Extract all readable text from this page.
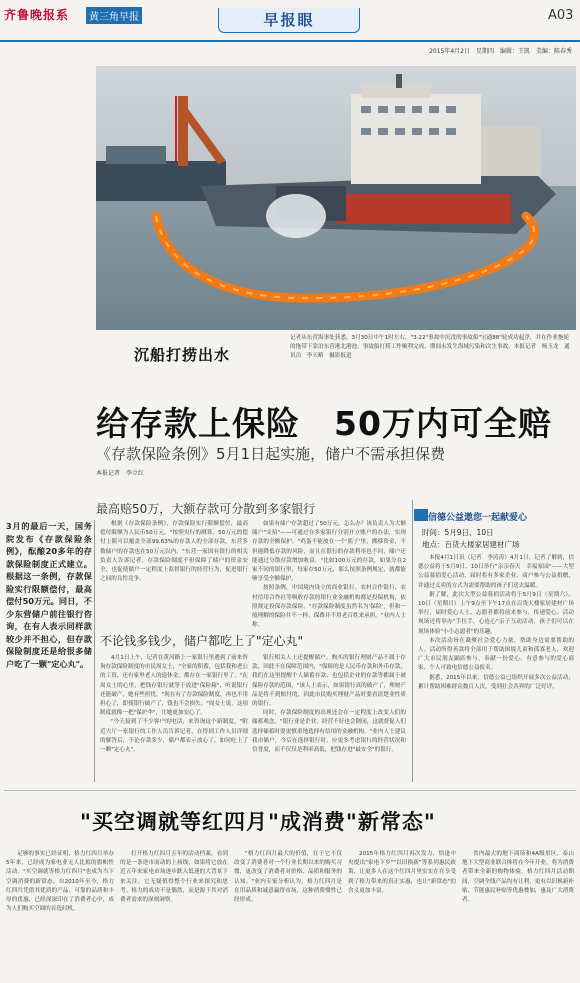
齐鲁晚报系	黄三角早报	早报眼	A03
2015年4月2日　星期四　编辑：王凯　美编：陈春秀
沉船打捞出水
记者从东营海事处获悉，3月30日中午1时左右，"3·22"事故中沉没的事故船"宝通88"轮成功起浮，并在作业拖轮的拖带下靠泊东营港北港池。事故船打捞工作顺利完成，期间未发生海域污染和次生事故。本报记者　杨玉龙　通讯员　李天略　摄影报道
给存款上保险　50万内可全赔
《存款保险条例》5月1日起实施，储户不需承担保费
本报记者　李立红
3月的最后一天，国务院发布《存款保险条例》，酝酿20多年的存款保险制度正式建立。根据这一条例，存款保险实行限额偿付，最高偿付50万元。同日，不少东营储户前往银行咨询，在有人表示同样款较少并不担心，但存款保险制度还是给很多储户吃了一颗"定心丸"。
最高赔50万，大额存款可分散到多家银行
根据《存款保险条例》，存款保险实行限额偿付，最高偿付限额为人民币50万元。"按照央行的测算，50万元的偿付上限可以覆盖全部99.63%的存款人的全部存款，东营多数储户的存款也在50万元以内。"东营一家国有银行的相关负责人告诉记者，存款保险制度不但保障了储户的资金安全，也促使储户一定程度上监督银行的经营行为，促进银行之间的良性竞争。
如果有储户存款超过了50万元，怎么办？该负责人为大额储户"支招"——可通过在多家银行分别开立账户的办法，实现存款的全额保护。"鸡蛋不能放在一个'篮子'里，搬移资金，不但能降低存款的风险，而且在银行的存款利率也不同，储户还能通过分散存款增加收益。"比如100万元的存款，如果分在2家不同的银行里，每家存50万元，那么按照条例规定，就都能够享受全额保护。
按照条例，中国境内设立的商业银行、农村合作银行、农村信用合作社等吸收存款的银行业金融机构都是投保机构，依照规定投保存款保险。"存款保险制度虽然名为'保险'，但和一般理解的保险并不一样，保费并不用老百姓来承担。"业内人士称。
不论钱多钱少，储户都吃上了"定心丸"
4月1日上午，记者在黄河路上一家银行里遇到了前来咨询存款保险制度的市民周女士，"全家的积蓄，包括我和老公的工资，还有家里老人的退休金，都存在一家银行里了，"在周女士的心里，把钱存银行就等于放进"保险箱"，听说银行还能破产，她有些担忧。"现在有了存款保险制度，再也不用担心了，即使银行破产了，钱也不会损失。"周女士说，这项制度就像一把"保护伞"，让她更加安心了。
"今天接到了不少客户的电话，来咨询这个新制度。"附近大厅一家银行的工作人员告诉记者，在得到工作人员详细的解答后，不论存款多少，储户都表示放心了。如同吃上了一颗"定心丸"。
银行相关人士还提醒储户，购买的银行理财产品不属于存款，因此不在保障范围内，"保障的是人民币存款和外币存款，我们在这里提醒个人储蓄存款、也包括企业的存款等都属于被保险存款的范围，"该人士表示，如果银行真的破产了，理财产品是将不到赔付的，因此市民购买理财产品时要看清楚业性质的银行。
同时，存款保险制度的出现还会在一定程度上改变人们的储蓄观念。"银行业是企业，经营不好也会倒闭，这就督促人们选择储蓄时要更慎重地选择有信用的金融机构。"业内人士建议我市储户，今后在选择银行时，应更多考虑银行的经营状况和信誉度，而不仅仅是利率高低，把钱存进"最安全"的银行。
信德公益遨您一起献爱心
时间：5月9日、10日
地点：百货大楼家居建材广场
本报4月1日讯（记者　李涛涛）4月1日，记者了解到，信德公益将于5月9日、10日举行"亲亲春天　幸福家园"——大型公益募捐爱心活动，届时将有多家企业、商户参与公益捐赠，并通过义卖的方式为需要帮助的孩子们送去温暖。
据了解，此次大型公益募捐活动将于5月9日（星期六）、10日（星期日）上午9点至下午17点在百货大楼家居建材广场举行，届时爱心人士、志愿者都将前来参与，传递爱心。活动现场还将举办"手拉手、心连心"亲子互动活动，孩子们可以在现场体验"小小志愿者"的乐趣。
本次活动旨在凝聚社会爱心力量，帮助身边需要帮助的人。活动所得善款将全部用于帮助困境儿童和孤寡老人，欢迎广大市民朋友踊跃参与，奉献一份爱心。有意参与的爱心商家、个人可致电信德公益报名。
据悉，2015年以来，信德公益已组织开展多次公益活动，累计帮助困难群众数百人次，受到社会各界的广泛好评。
"买空调就等红四月"成消费"新常态"
足够的事实已经证明，格力红四月举办5年来，已经成为家电业无人比拟的旗帜性活动。"买空调就等格力红四月"也成为当下空调消费的新常态。自2010年至今，格力红四月凭借其优质的产品、可靠的品质和丰厚的优惠，已经深深印在了消费者心中，成为人们购买空调的首选时机。
打开格力红四月五年的活动档案，看到的是一条逆市而动的上扬线，如果将它放在近五年来家电市场逐步跌入低迷的大背景下来关注，它无疑值得整个行业来探究和思考。格力的成功不是偶然，而是源于其对消费者需求的深刻洞察。
"格力红四月最大的价值，在于它不仅改变了消费者对一个行业长期以来的购买习惯，更改变了消费者对价格、品质和服务的认知。"业内专家分析认为，格力红四月是在用品质和诚意赢得市场，这种消费惯性已经形成。
2015年格力红四月再次发力，恰逢中央提出"家电下乡""以旧换新"等系列惠民政策，让更多人在这个红四月里实实在在享受到了格力带来的真正实惠，也让"新常态"的含义更加丰富。
省内最大的地下商场和4A级景区，泰山地下大型商业联合体将在今年开业，将为消费者带来全新的购物体验。格力红四月活动期间，空调全线产品均有让利，更有以旧换新补贴、节能惠民补贴等优惠叠加，惠及广大消费者。
